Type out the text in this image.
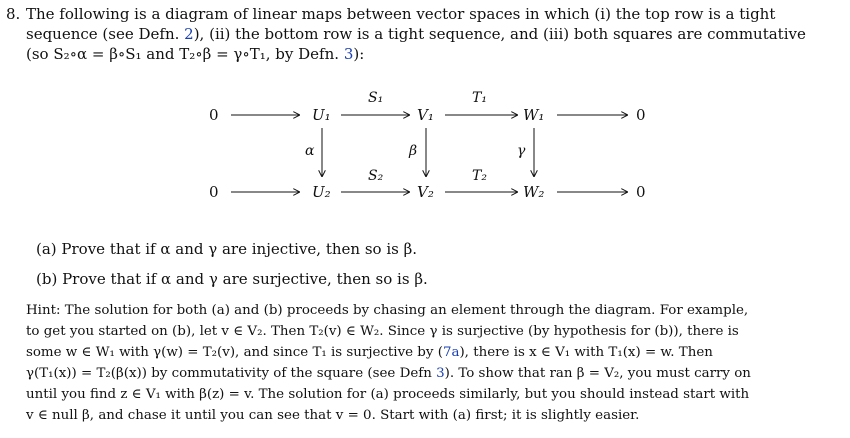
8. The following is a diagram of linear maps between vector spaces in which (i) the top row is a tight
sequence (see Defn. 2), (ii) the bottom row is a tight sequence, and (iii) both squares are commutative
(so S₂∘α = β∘S₁ and T₂∘β = γ∘T₁, by Defn. 3):
0	U₁	V₁	W₁	0
0	U₂	V₂	W₂	0
S₁	T₁
S₂	T₂
α	β	γ
(a) Prove that if α and γ are injective, then so is β.
(b) Prove that if α and γ are surjective, then so is β.
Hint: The solution for both (a) and (b) proceeds by chasing an element through the diagram. For example,
to get you started on (b), let v ∈ V₂. Then T₂(v) ∈ W₂. Since γ is surjective (by hypothesis for (b)), there is
some w ∈ W₁ with γ(w) = T₂(v), and since T₁ is surjective by (7a), there is x ∈ V₁ with T₁(x) = w. Then
γ(T₁(x)) = T₂(β(x)) by commutativity of the square (see Defn 3). To show that ran β = V₂, you must carry on
until you find z ∈ V₁ with β(z) = v. The solution for (a) proceeds similarly, but you should instead start with
v ∈ null β, and chase it until you can see that v = 0. Start with (a) first; it is slightly easier.
